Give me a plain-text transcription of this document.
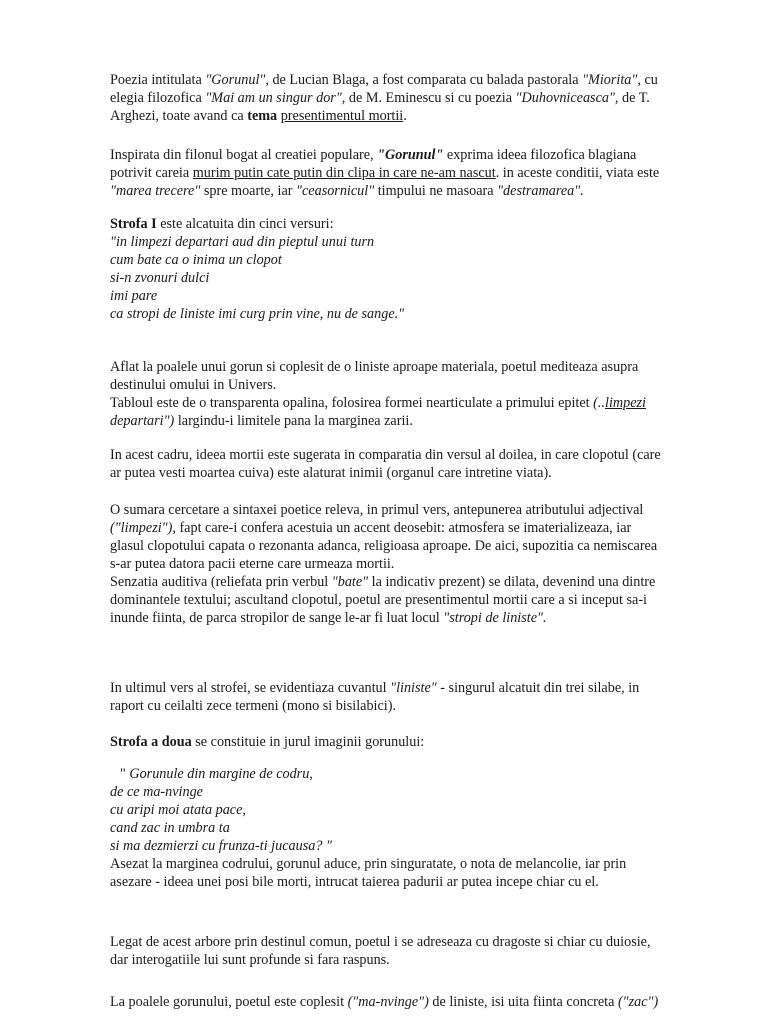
Poezia intitulata "Gorunul", de Lucian Blaga, a fost comparata cu balada pastorala "Miorita", cu
elegia filozofica "Mai am un singur dor", de M. Eminescu si cu poezia "Duhovniceasca", de T.
Arghezi, toate avand ca tema presentimentul mortii.

Inspirata din filonul bogat al creatiei populare, "Gorunul" exprima ideea filozofica blagiana
potrivit careia murim putin cate putin din clipa in care ne-am nascut. in aceste conditii, viata este
"marea trecere" spre moarte, iar "ceasornicul" timpului ne masoara "destramarea".

Strofa I este alcatuita din cinci versuri:
"in limpezi departari aud din pieptul unui turn
cum bate ca o inima un clopot
si-n zvonuri dulci
imi pare
ca stropi de liniste imi curg prin vine, nu de sange."

Aflat la poalele unui gorun si coplesit de o liniste aproape materiala, poetul mediteaza asupra
destinului omului in Univers.
Tabloul este de o transparenta opalina, folosirea formei nearticulate a primului epitet (..limpezi
departari") largindu-i limitele pana la marginea zarii.

In acest cadru, ideea mortii este sugerata in comparatia din versul al doilea, in care clopotul (care
ar putea vesti moartea cuiva) este alaturat inimii (organul care intretine viata).

O sumara cercetare a sintaxei poetice releva, in primul vers, antepunerea atributului adjectival
("limpezi"), fapt care-i confera acestuia un accent deosebit: atmosfera se imaterializeaza, iar
glasul clopotului capata o rezonanta adanca, religioasa aproape. De aici, supozitia ca nemiscarea
s-ar putea datora pacii eterne care urmeaza mortii.
Senzatia auditiva (reliefata prin verbul "bate" la indicativ prezent) se dilata, devenind una dintre
dominantele textului; ascultand clopotul, poetul are presentimentul mortii care a si inceput sa-i
inunde fiinta, de parca stropilor de sange le-ar fi luat locul "stropi de liniste".

In ultimul vers al strofei, se evidentiaza cuvantul "liniste" - singurul alcatuit din trei silabe, in
raport cu ceilalti zece termeni (mono si bisilabici).

Strofa a doua se constituie in jurul imaginii gorunului:
" Gorunule din margine de codru,
de ce ma-nvinge
cu aripi moi atata pace,
cand zac in umbra ta
si ma dezmierzi cu frunza-ti jucausa? "
Asezat la marginea codrului, gorunul aduce, prin singuratate, o nota de melancolie, iar prin
asezare - ideea unei posi bile morti, intrucat taierea padurii ar putea incepe chiar cu el.

Legat de acest arbore prin destinul comun, poetul i se adreseaza cu dragoste si chiar cu duiosie,
dar interogatiile lui sunt profunde si fara raspuns.

La poalele gorunului, poetul este coplesit ("ma-nvinge") de liniste, isi uita fiinta concreta ("zac")
